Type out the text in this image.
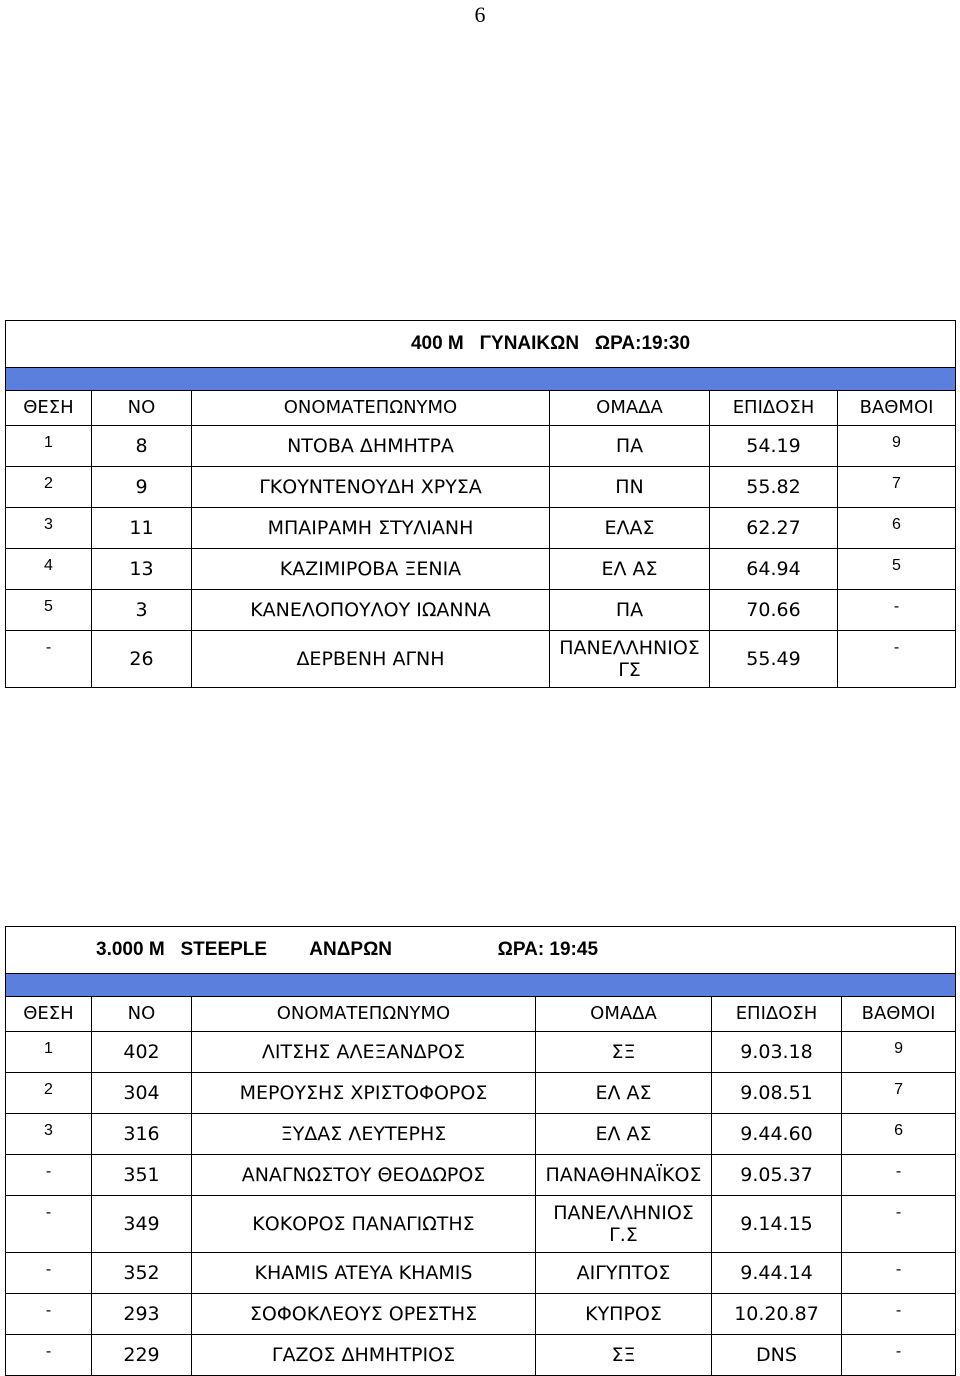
6
400 Μ   ΓΥΝΑΙΚΩΝ   ΩΡΑ:19:30					

ΘΕΣΗ	ΝΟ	ΟΝΟΜΑΤΕΠΩΝΥΜΟ	ΟΜΑΔΑ	ΕΠΙΔΟΣΗ	ΒΑΘΜΟΙ
1	8	ΝΤΟΒΑ ΔΗΜΗΤΡΑ	ΠΑ	54.19	9
2	9	ΓΚΟΥΝΤΕΝΟΥΔΗ ΧΡΥΣΑ	ΠΝ	55.82	7
3	11	ΜΠΑΙΡΑΜΗ ΣΤΥΛΙΑΝΗ	ΕΛΑΣ	62.27	6
4	13	ΚΑΖΙΜΙΡΟΒΑ ΞΕΝΙΑ	ΕΛ ΑΣ	64.94	5
5	3	ΚΑΝΕΛΟΠΟΥΛΟΥ ΙΩΑΝΝΑ	ΠΑ	70.66	-
-	26	ΔΕΡΒΕΝΗ ΑΓΝΗ	ΠΑΝΕΛΛΗΝΙΟΣ ΓΣ	55.49	-
3.000 Μ   STEEPLE        ΑΝΔΡΩΝ                    ΩΡΑ: 19:45					

ΘΕΣΗ	ΝΟ	ΟΝΟΜΑΤΕΠΩΝΥΜΟ	ΟΜΑΔΑ	ΕΠΙΔΟΣΗ	ΒΑΘΜΟΙ
1	402	ΛΙΤΣΗΣ ΑΛΕΞΑΝΔΡΟΣ	ΣΞ	9.03.18	9
2	304	ΜΕΡΟΥΣΗΣ ΧΡΙΣΤΟΦΟΡΟΣ	ΕΛ ΑΣ	9.08.51	7
3	316	ΞΥΔΑΣ ΛΕΥΤΕΡΗΣ	ΕΛ ΑΣ	9.44.60	6
-	351	ΑΝΑΓΝΩΣΤΟΥ ΘΕΟΔΩΡΟΣ	ΠΑΝΑΘΗΝΑΪΚΟΣ	9.05.37	-
-	349	ΚΟΚΟΡΟΣ ΠΑΝΑΓΙΩΤΗΣ	ΠΑΝΕΛΛΗΝΙΟΣ Γ.Σ	9.14.15	-
-	352	KHAMIS ATEYA KHAMIS	ΑΙΓΥΠΤΟΣ	9.44.14	-
-	293	ΣΟΦΟΚΛΕΟΥΣ ΟΡΕΣΤΗΣ	ΚΥΠΡΟΣ	10.20.87	-
-	229	ΓΑΖΟΣ ΔΗΜΗΤΡΙΟΣ	ΣΞ	DNS	-
